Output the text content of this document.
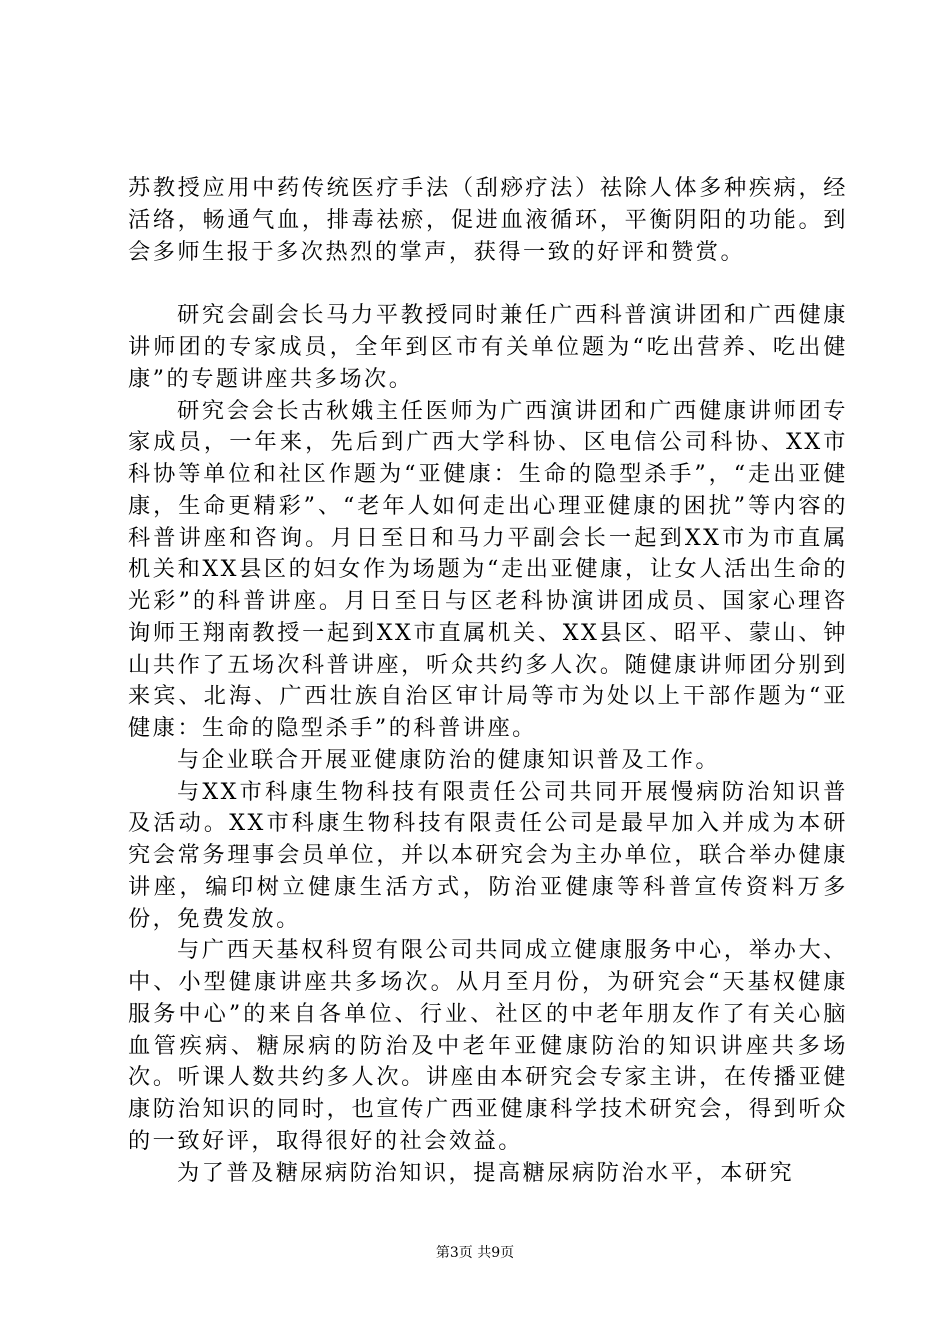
苏教授应用中药传统医疗手法（刮痧疗法）祛除人体多种疾病，经活络，畅通气血，排毒祛瘀，促进血液循环，平衡阴阳的功能。到会多师生报于多次热烈的掌声，获得一致的好评和赞赏。

研究会副会长马力平教授同时兼任广西科普演讲团和广西健康讲师团的专家成员，全年到区市有关单位题为“吃出营养、吃出健康”的专题讲座共多场次。

研究会会长古秋娥主任医师为广西演讲团和广西健康讲师团专家成员，一年来，先后到广西大学科协、区电信公司科协、XX市科协等单位和社区作题为“亚健康：生命的隐型杀手”，“走出亚健康，生命更精彩”、“老年人如何走出心理亚健康的困扰”等内容的科普讲座和咨询。月日至日和马力平副会长一起到XX市为市直属机关和XX县区的妇女作为场题为“走出亚健康，让女人活出生命的光彩”的科普讲座。月日至日与区老科协演讲团成员、国家心理咨询师王翔南教授一起到XX市直属机关、XX县区、昭平、蒙山、钟山共作了五场次科普讲座，听众共约多人次。随健康讲师团分别到来宾、北海、广西壮族自治区审计局等市为处以上干部作题为“亚健康：生命的隐型杀手”的科普讲座。

与企业联合开展亚健康防治的健康知识普及工作。

与XX市科康生物科技有限责任公司共同开展慢病防治知识普及活动。XX市科康生物科技有限责任公司是最早加入并成为本研究会常务理事会员单位，并以本研究会为主办单位，联合举办健康讲座，编印树立健康生活方式，防治亚健康等科普宣传资料万多份，免费发放。

与广西天基权科贸有限公司共同成立健康服务中心，举办大、中、小型健康讲座共多场次。从月至月份，为研究会“天基权健康服务中心”的来自各单位、行业、社区的中老年朋友作了有关心脑血管疾病、糖尿病的防治及中老年亚健康防治的知识讲座共多场次。听课人数共约多人次。讲座由本研究会专家主讲，在传播亚健康防治知识的同时，也宣传广西亚健康科学技术研究会，得到听众的一致好评，取得很好的社会效益。

为了普及糖尿病防治知识，提高糖尿病防治水平，本研究

第3页 共9页
